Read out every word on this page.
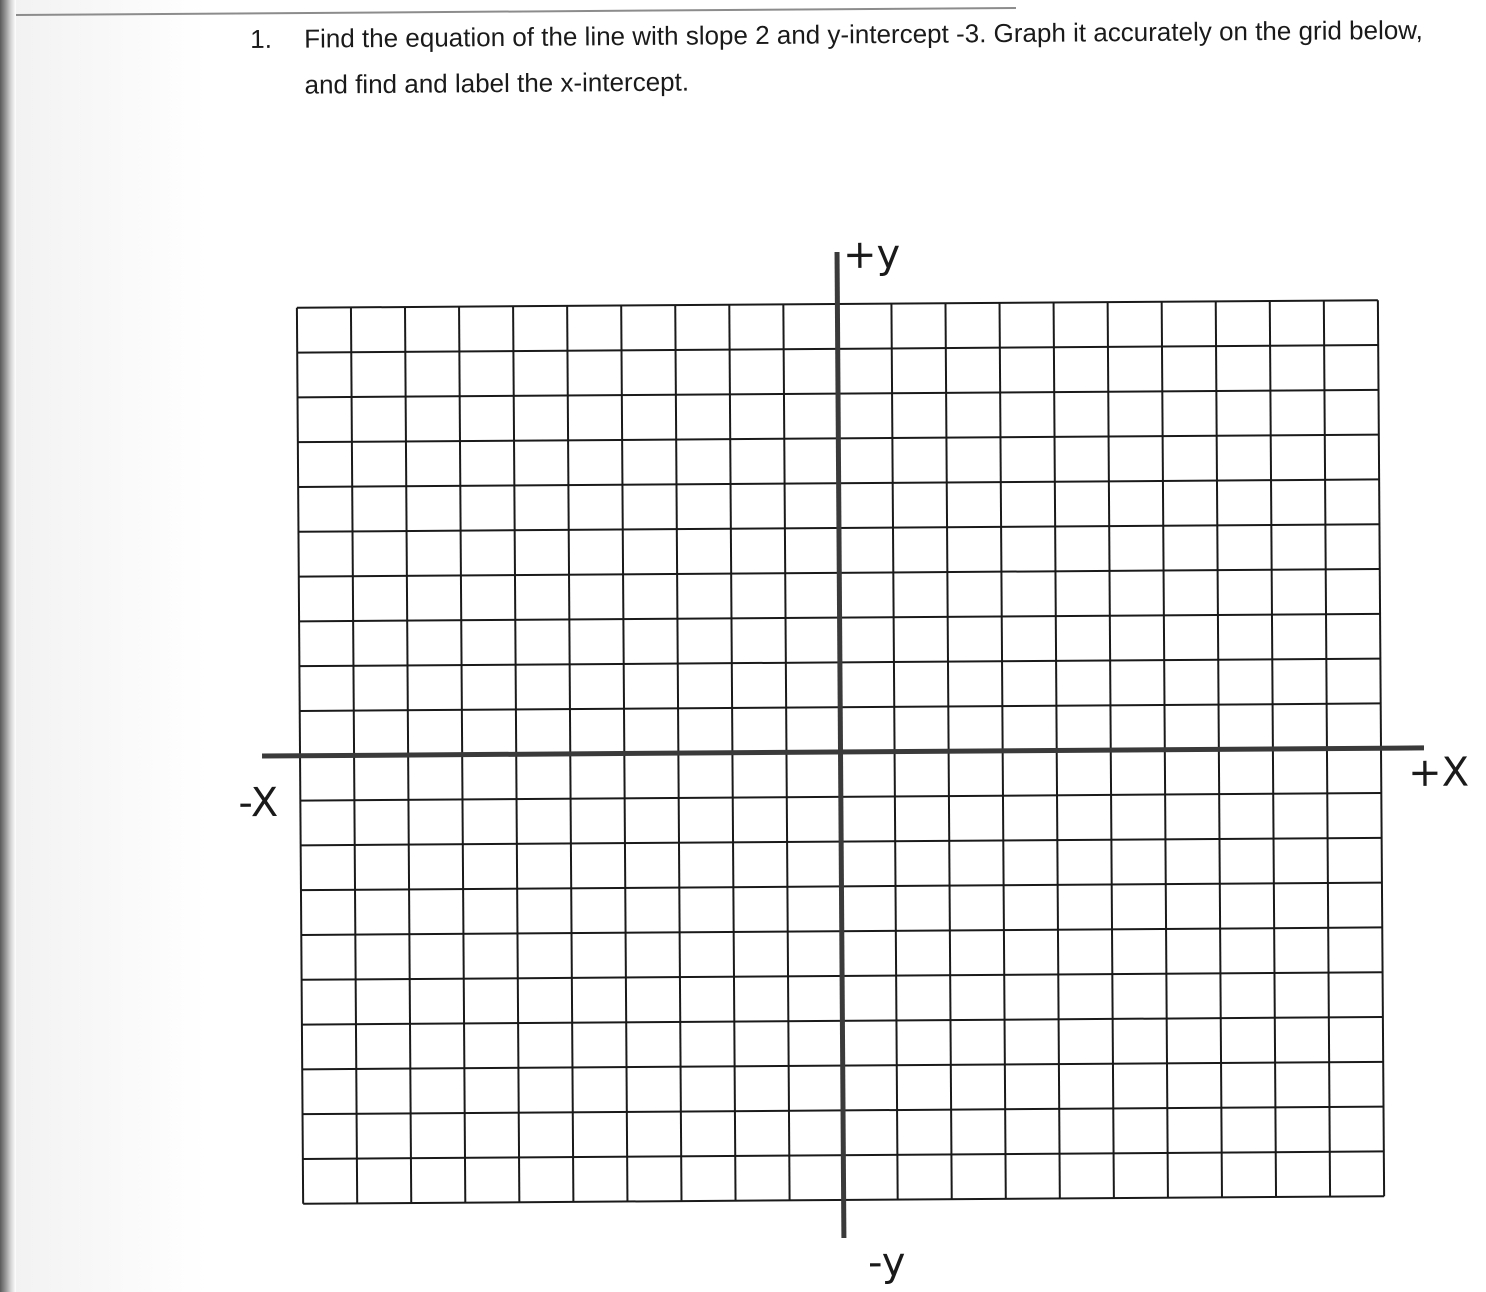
1. Find the equation of the line with slope 2 and y-intercept -3. Graph it accurately on the grid below, and find and label the x-intercept.
+y
-y
+X
-X
